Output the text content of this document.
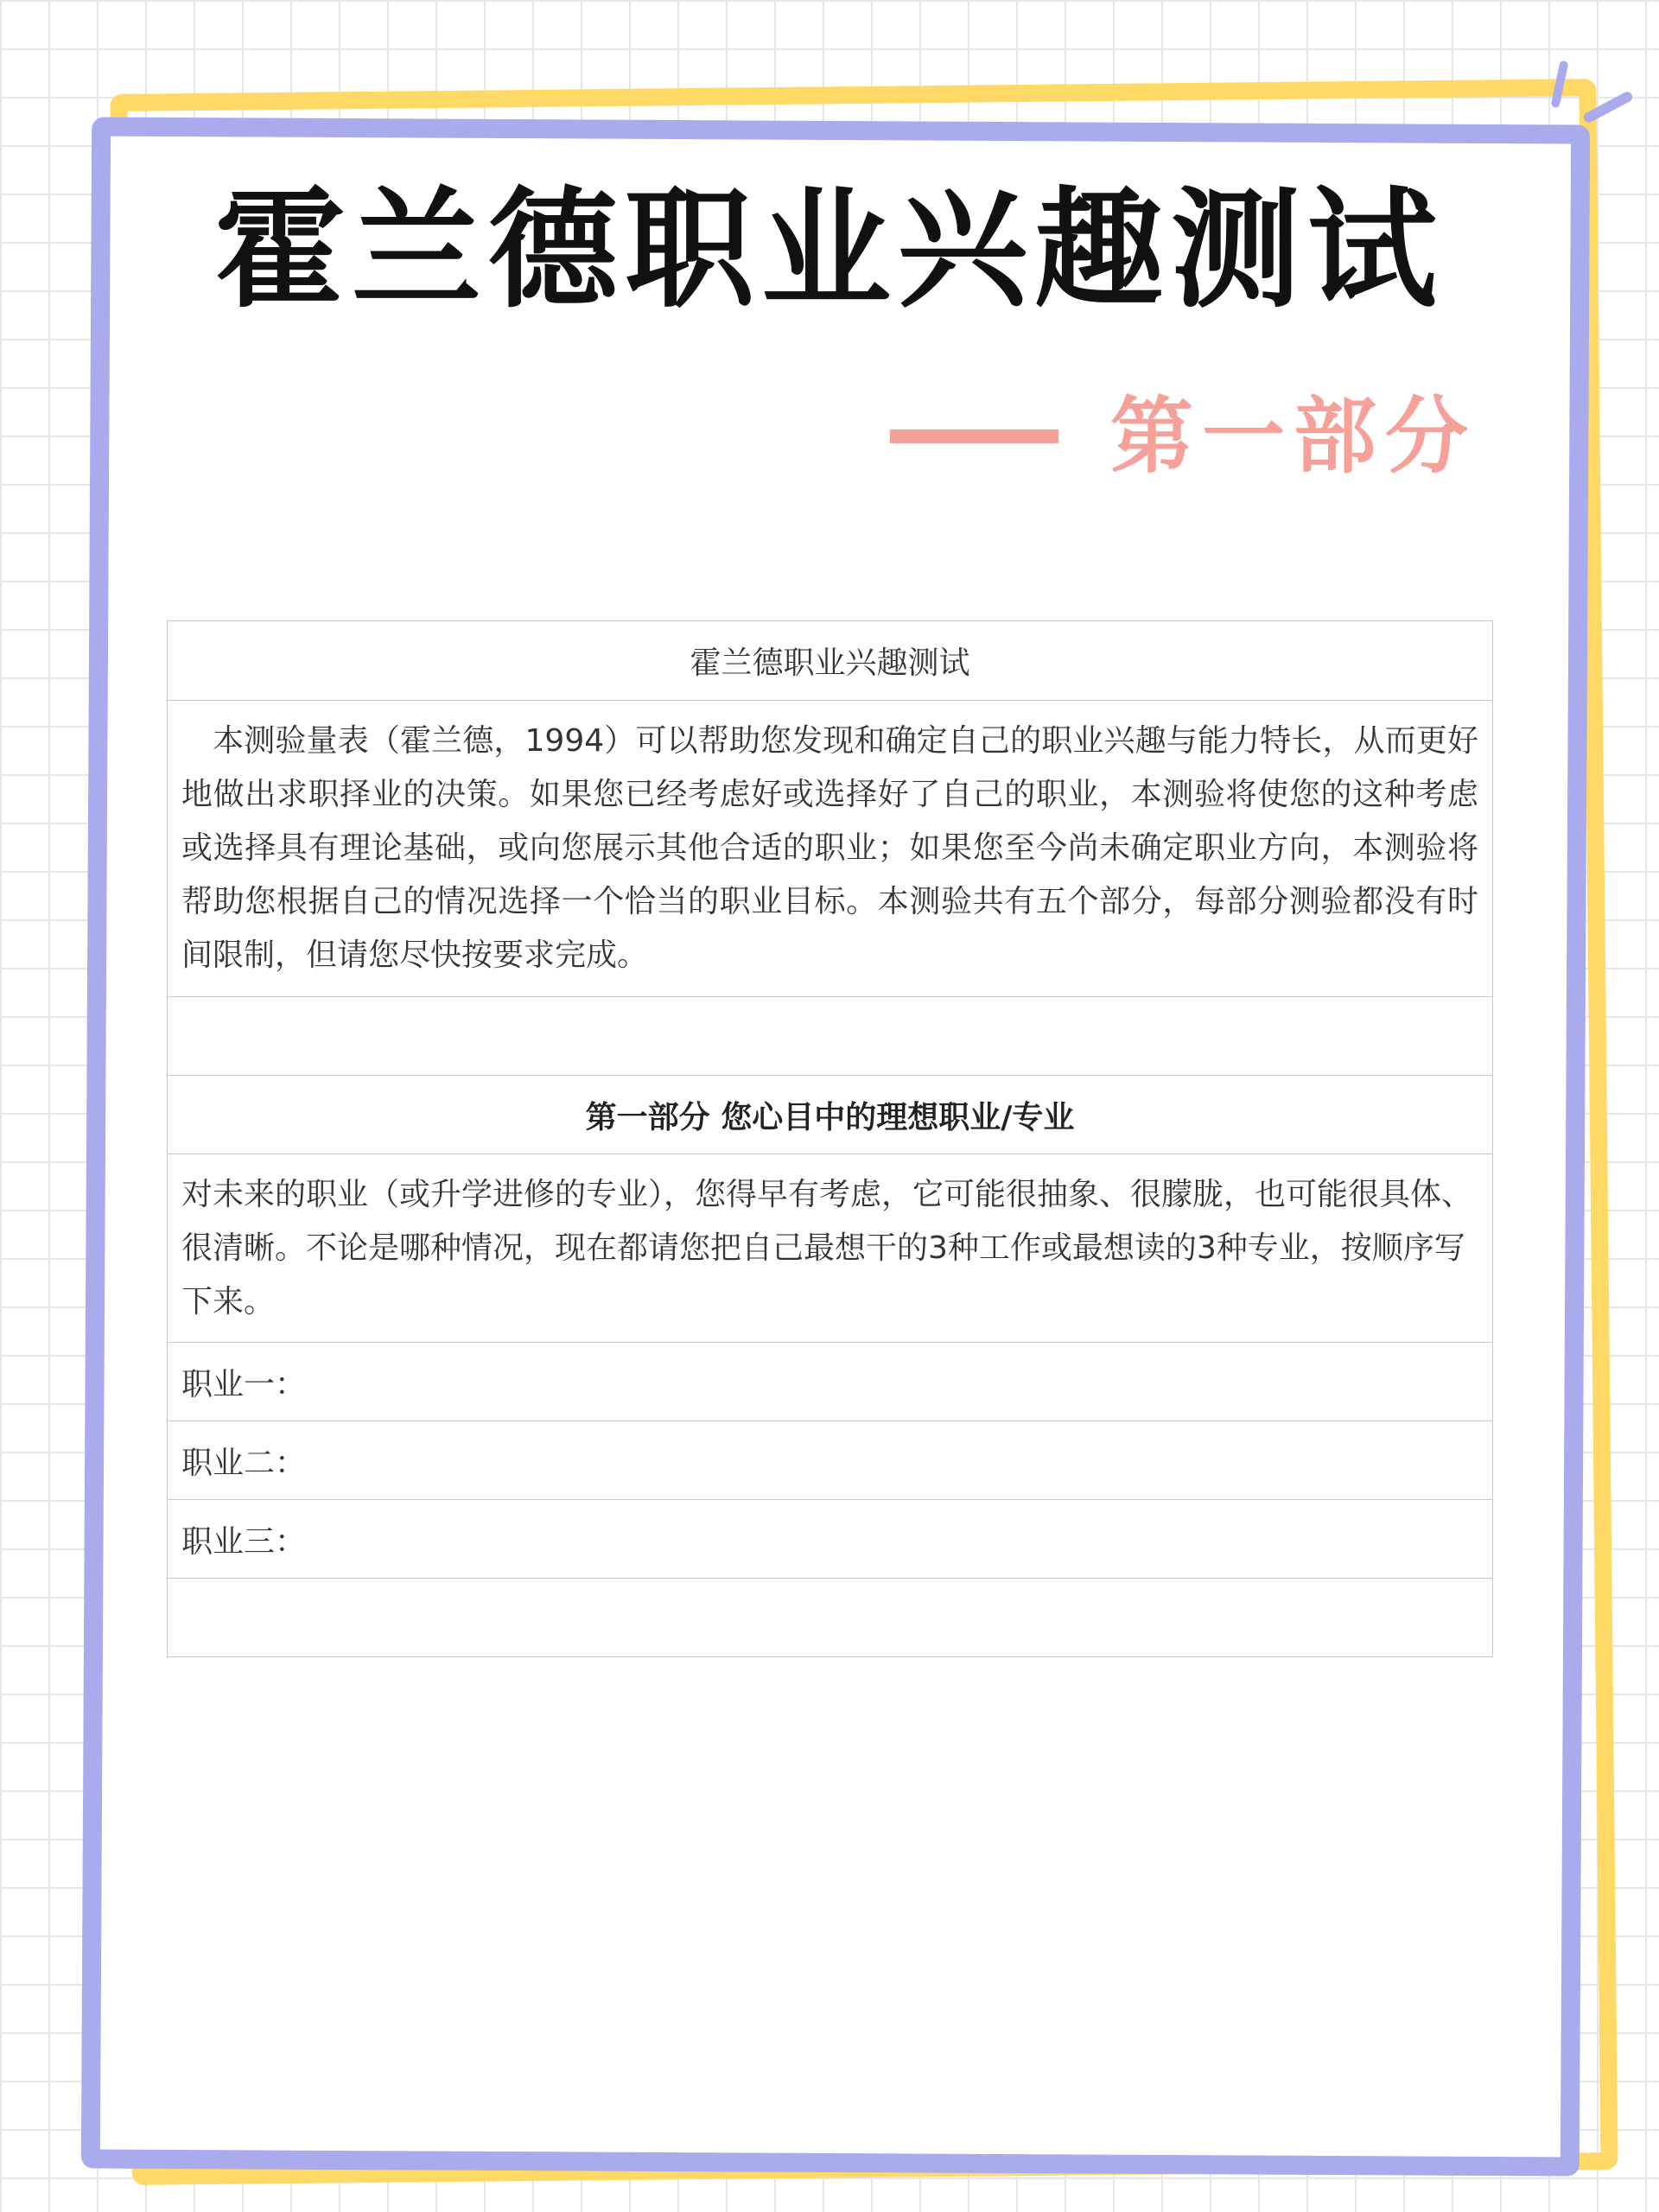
霍兰德职业兴趣测试
第一部分
霍兰德职业兴趣测试
本测验量表（霍兰德，1994）可以帮助您发现和确定自己的职业兴趣与能力特长，从而更好地做出求职择业的决策。如果您已经考虑好或选择好了自己的职业，本测验将使您的这种考虑或选择具有理论基础，或向您展示其他合适的职业；如果您至今尚未确定职业方向，本测验将帮助您根据自己的情况选择一个恰当的职业目标。本测验共有五个部分，每部分测验都没有时间限制，但请您尽快按要求完成。

第一部分 您心目中的理想职业/专业
对未来的职业（或升学进修的专业），您得早有考虑，它可能很抽象、很朦胧，也可能很具体、很清晰。不论是哪种情况，现在都请您把自己最想干的3种工作或最想读的3种专业，按顺序写下来。
职业一：
职业二：
职业三：
